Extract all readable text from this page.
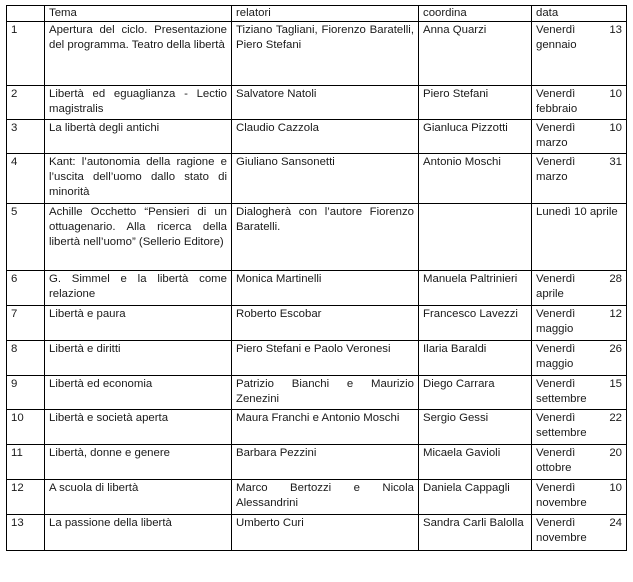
	Tema	relatori	coordina	data
1	Apertura del ciclo. Presentazione del programma. Teatro della libertà	Tiziano Tagliani, Fiorenzo Baratelli, Piero Stefani	Anna Quarzi	Venerdì 13 gennaio
2	Libertà ed eguaglianza - Lectio magistralis	Salvatore Natoli	Piero Stefani	Venerdì 10 febbraio
3	La libertà degli antichi	Claudio Cazzola	Gianluca Pizzotti	Venerdì 10 marzo
4	Kant: l’autonomia della ragione e l’uscita dell’uomo dallo stato di minorità	Giuliano Sansonetti	Antonio Moschi	Venerdì 31 marzo
5	Achille Occhetto “Pensieri di un ottuagenario. Alla ricerca della libertà nell’uomo” (Sellerio Editore)	Dialogherà con l’autore Fiorenzo Baratelli.		Lunedì 10 aprile
6	G. Simmel e la libertà come relazione	Monica Martinelli	Manuela Paltrinieri	Venerdì 28 aprile
7	Libertà e paura	Roberto Escobar	Francesco Lavezzi	Venerdì 12 maggio
8	Libertà e diritti	Piero Stefani e Paolo Veronesi	Ilaria Baraldi	Venerdì 26 maggio
9	Libertà ed economia	Patrizio Bianchi e Maurizio Zenezini	Diego Carrara	Venerdì 15 settembre
10	Libertà e società aperta	Maura Franchi e Antonio Moschi	Sergio Gessi	Venerdì 22 settembre
11	Libertà, donne e genere	Barbara Pezzini	Micaela Gavioli	Venerdì 20 ottobre
12	A scuola di libertà	Marco Bertozzi e Nicola Alessandrini	Daniela Cappagli	Venerdì 10 novembre
13	La passione della libertà	Umberto Curi	Sandra Carli Balolla	Venerdì 24 novembre
